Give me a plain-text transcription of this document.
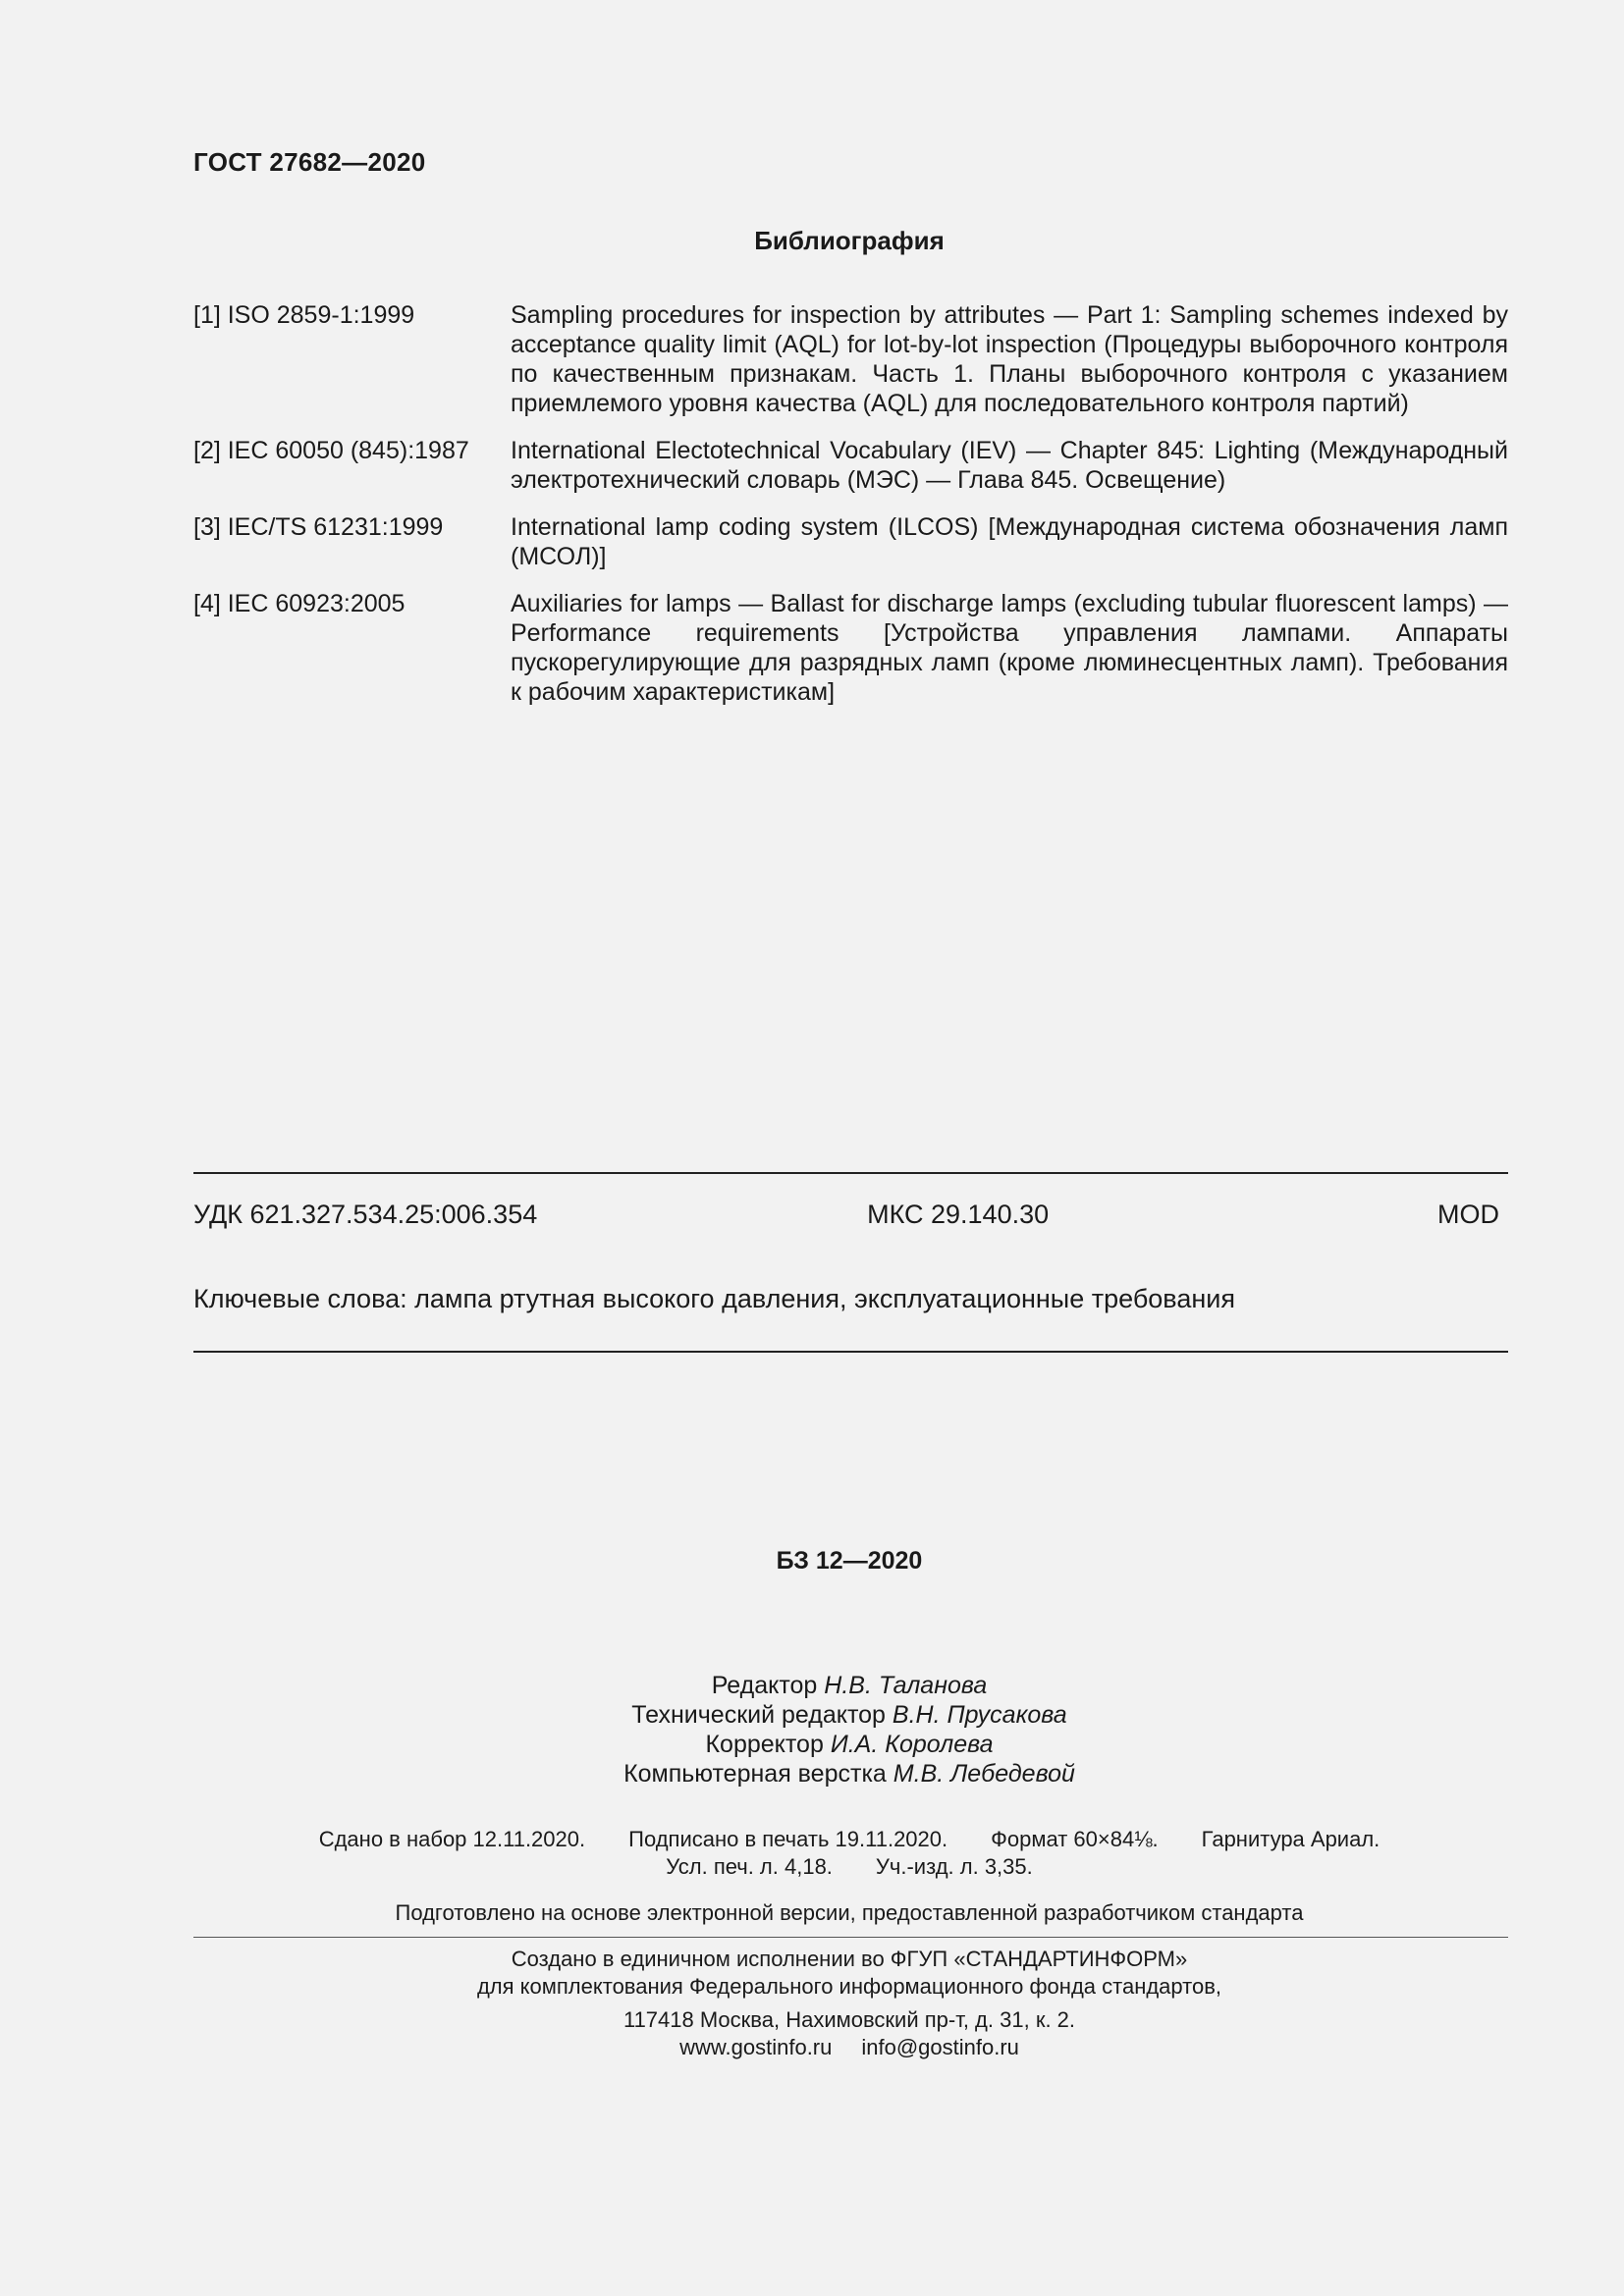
ГОСТ 27682—2020
Библиография
[1] ISO 2859-1:1999	Sampling procedures for inspection by attributes — Part 1: Sampling schemes indexed by acceptance quality limit (AQL) for lot-by-lot inspection (Процедуры выборочного контроля по качественным признакам. Часть 1. Планы выборочного контроля с указанием приемлемого уровня качества (AQL) для последовательного контроля партий)
[2] IEC 60050 (845):1987	International Electotechnical Vocabulary (IEV) — Chapter 845: Lighting (Международный электротехнический словарь (МЭС) — Глава 845. Освещение)
[3] IEC/TS 61231:1999	International lamp coding system (ILCOS) [Международная система обозначения ламп (МСОЛ)]
[4] IEC 60923:2005	Auxiliaries for lamps — Ballast for discharge lamps (excluding tubular fluorescent lamps) — Performance requirements [Устройства управления лампами. Аппараты пускорегулирующие для разрядных ламп (кроме люминесцентных ламп). Требования к рабочим характеристикам]
УДК 621.327.534.25:006.354	МКС 29.140.30	MOD
Ключевые слова: лампа ртутная высокого давления, эксплуатационные требования
БЗ 12—2020
Редактор Н.В. Таланова
Технический редактор В.Н. Прусакова
Корректор И.А. Королева
Компьютерная верстка М.В. Лебедевой
Сдано в набор 12.11.2020. Подписано в печать 19.11.2020. Формат 60×84⅛. Гарнитура Ариал.
Усл. печ. л. 4,18. Уч.-изд. л. 3,35.
Подготовлено на основе электронной версии, предоставленной разработчиком стандарта
Создано в единичном исполнении во ФГУП «СТАНДАРТИНФОРМ»
для комплектования Федерального информационного фонда стандартов,
117418 Москва, Нахимовский пр-т, д. 31, к. 2.
www.gostinfo.ru info@gostinfo.ru
